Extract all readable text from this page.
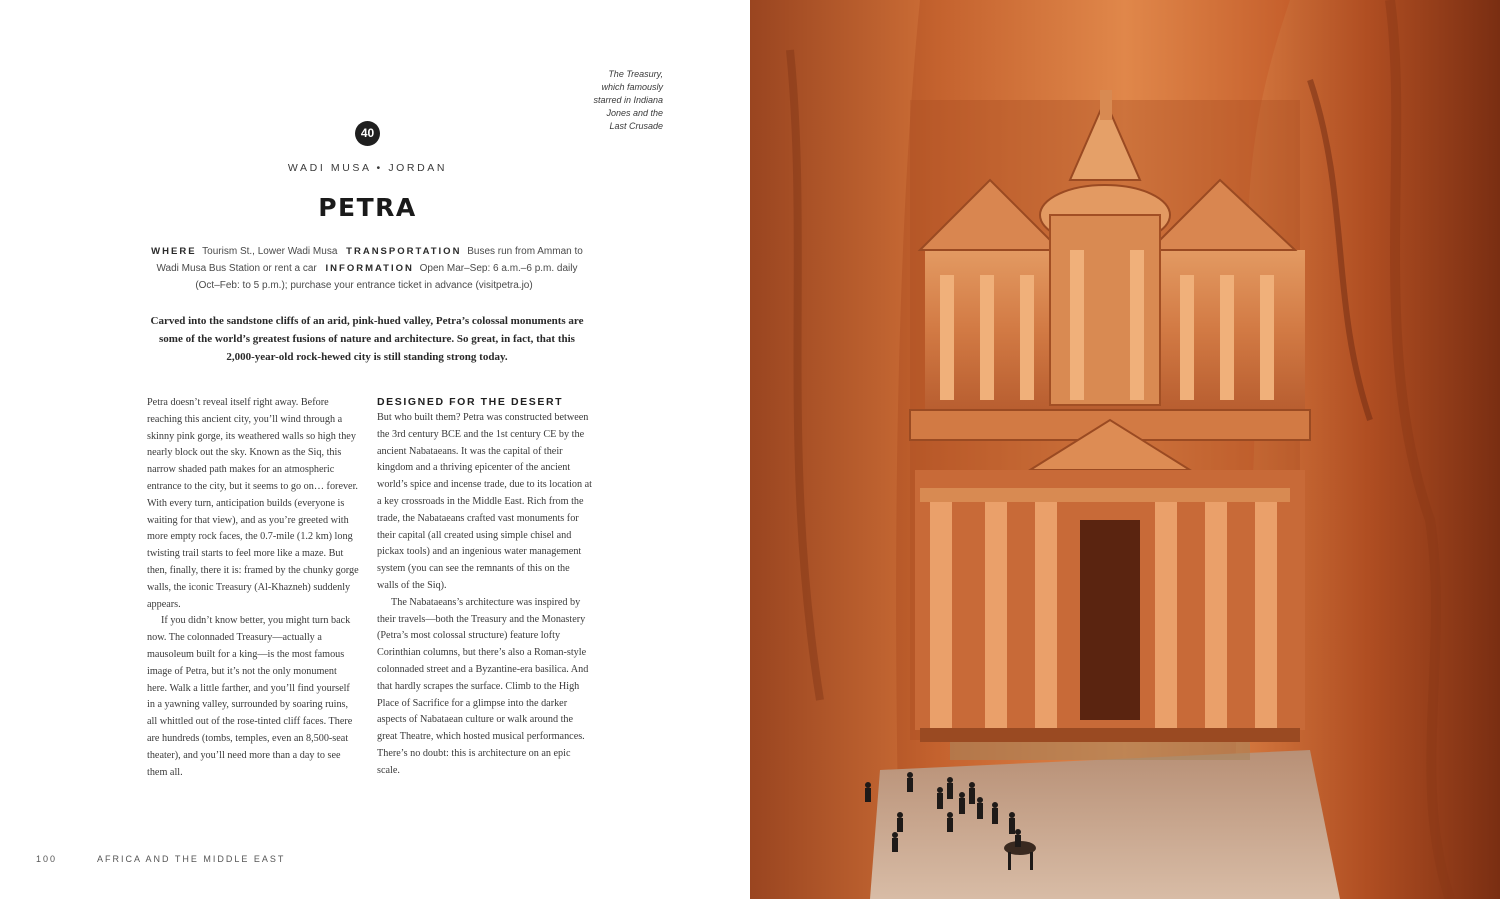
The Treasury,
which famously
starred in Indiana
Jones and the
Last Crusade
40
WADI MUSA • JORDAN
PETRA
WHERE Tourism St., Lower Wadi Musa TRANSPORTATION Buses run from Amman to Wadi Musa Bus Station or rent a car INFORMATION Open Mar–Sep: 6 a.m.–6 p.m. daily (Oct–Feb: to 5 p.m.); purchase your entrance ticket in advance (visitpetra.jo)
Carved into the sandstone cliffs of an arid, pink-hued valley, Petra’s colossal monuments are some of the world’s greatest fusions of nature and architecture. So great, in fact, that this 2,000-year-old rock-hewed city is still standing strong today.

Petra doesn’t reveal itself right away. Before reaching this ancient city, you’ll wind through a skinny pink gorge, its weathered walls so high they nearly block out the sky. Known as the Siq, this narrow shaded path makes for an atmospheric entrance to the city, but it seems to go on… forever. With every turn, anticipation builds (everyone is waiting for that view), and as you’re greeted with more empty rock faces, the 0.7-mile (1.2 km) long twisting trail starts to feel more like a maze. But then, finally, there it is: framed by the chunky gorge walls, the iconic Treasury (Al-Khazneh) suddenly appears.

If you didn’t know better, you might turn back now. The colonnaded Treasury—actually a mausoleum built for a king—is the most famous image of Petra, but it’s not the only monument here. Walk a little farther, and you’ll find yourself in a yawning valley, surrounded by soaring ruins, all whittled out of the rose-tinted cliff faces. There are hundreds (tombs, temples, even an 8,500-seat theater), and you’ll need more than a day to see them all.

DESIGNED FOR THE DESERT

But who built them? Petra was constructed between the 3rd century BCE and the 1st century CE by the ancient Nabataeans. It was the capital of their kingdom and a thriving epicenter of the ancient world’s spice and incense trade, due to its location at a key crossroads in the Middle East. Rich from the trade, the Nabataeans crafted vast monuments for their capital (all created using simple chisel and pickax tools) and an ingenious water management system (you can see the remnants of this on the walls of the Siq).

The Nabataeans’s architecture was inspired by their travels—both the Treasury and the Monastery (Petra’s most colossal structure) feature lofty Corinthian columns, but there’s also a Roman-style colonnaded street and a Byzantine-era basilica. And that hardly scrapes the surface. Climb to the High Place of Sacrifice for a glimpse into the darker aspects of Nabataean culture or walk around the great Theatre, which hosted musical performances. There’s no doubt: this is architecture on an epic scale.

100	AFRICA AND THE MIDDLE EAST
